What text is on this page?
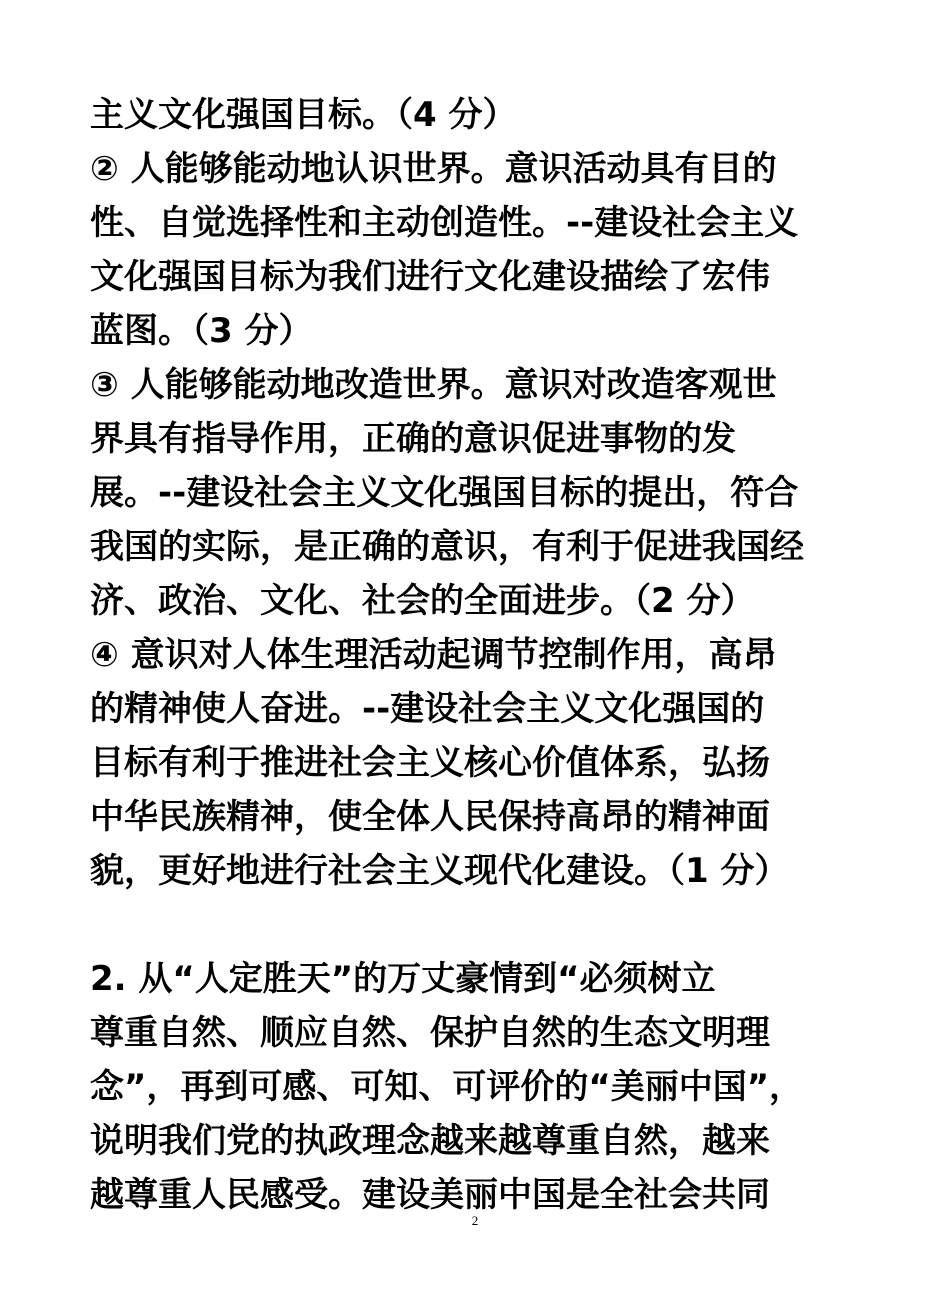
主义文化强国目标。（4 分）
② 人能够能动地认识世界。意识活动具有目的
性、自觉选择性和主动创造性。--建设社会主义
文化强国目标为我们进行文化建设描绘了宏伟
蓝图。（3 分）
③ 人能够能动地改造世界。意识对改造客观世
界具有指导作用，正确的意识促进事物的发
展。--建设社会主义文化强国目标的提出，符合
我国的实际，是正确的意识，有利于促进我国经
济、政治、文化、社会的全面进步。（2 分）
④ 意识对人体生理活动起调节控制作用，高昂
的精神使人奋进。--建设社会主义文化强国的
目标有利于推进社会主义核心价值体系，弘扬
中华民族精神，使全体人民保持高昂的精神面
貌，更好地进行社会主义现代化建设。（1 分）
2. 从“人定胜天”的万丈豪情到“必须树立
尊重自然、顺应自然、保护自然的生态文明理
念”，再到可感、可知、可评价的“美丽中国”，
说明我们党的执政理念越来越尊重自然，越来
越尊重人民感受。建设美丽中国是全社会共同
2
